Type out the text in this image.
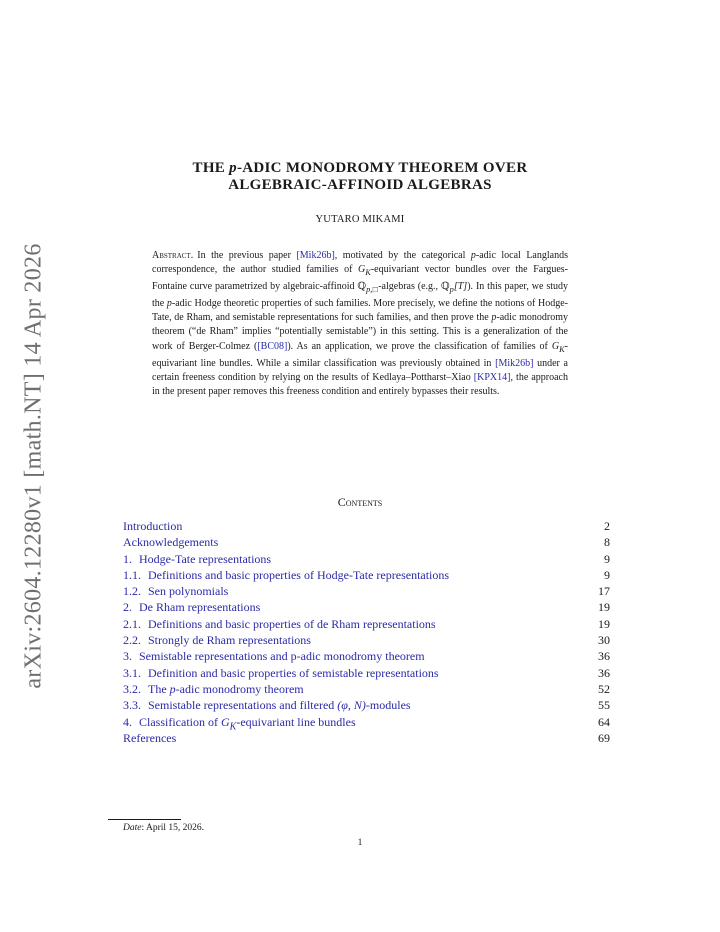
arXiv:2604.12280v1 [math.NT] 14 Apr 2026
THE p-ADIC MONODROMY THEOREM OVER
ALGEBRAIC-AFFINOID ALGEBRAS
YUTARO MIKAMI

Abstract. In the previous paper [Mik26b], motivated by the categorical p-adic local Langlands correspondence, the author studied families of $G_K$-equivariant vector bundles over the Fargues-Fontaine curve parametrized by algebraic-affinoid ℚ$_{p,□}$-algebras (e.g., ℚ$_p$[T]). In this paper, we study the p-adic Hodge theoretic properties of such families. More precisely, we define the notions of Hodge-Tate, de Rham, and semistable representations for such families, and then prove the p-adic monodromy theorem (“de Rham” implies “potentially semistable”) in this setting. This is a generalization of the work of Berger-Colmez ([BC08]). As an application, we prove the classification of families of $G_K$-equivariant line bundles. While a similar classification was previously obtained in [Mik26b] under a certain freeness condition by relying on the results of Kedlaya–Pottharst–Xiao [KPX14], the approach in the present paper removes this freeness condition and entirely bypasses their results.

Contents
Introduction	2
Acknowledgements	8
1. Hodge-Tate representations	9
1.1. Definitions and basic properties of Hodge-Tate representations	9
1.2. Sen polynomials	17
2. De Rham representations	19
2.1. Definitions and basic properties of de Rham representations	19
2.2. Strongly de Rham representations	30
3. Semistable representations and p-adic monodromy theorem	36
3.1. Definition and basic properties of semistable representations	36
3.2. The p-adic monodromy theorem	52
3.3. Semistable representations and filtered (φ, N)-modules	55
4. Classification of $G_K$-equivariant line bundles	64
References	69
Date: April 15, 2026.
1
